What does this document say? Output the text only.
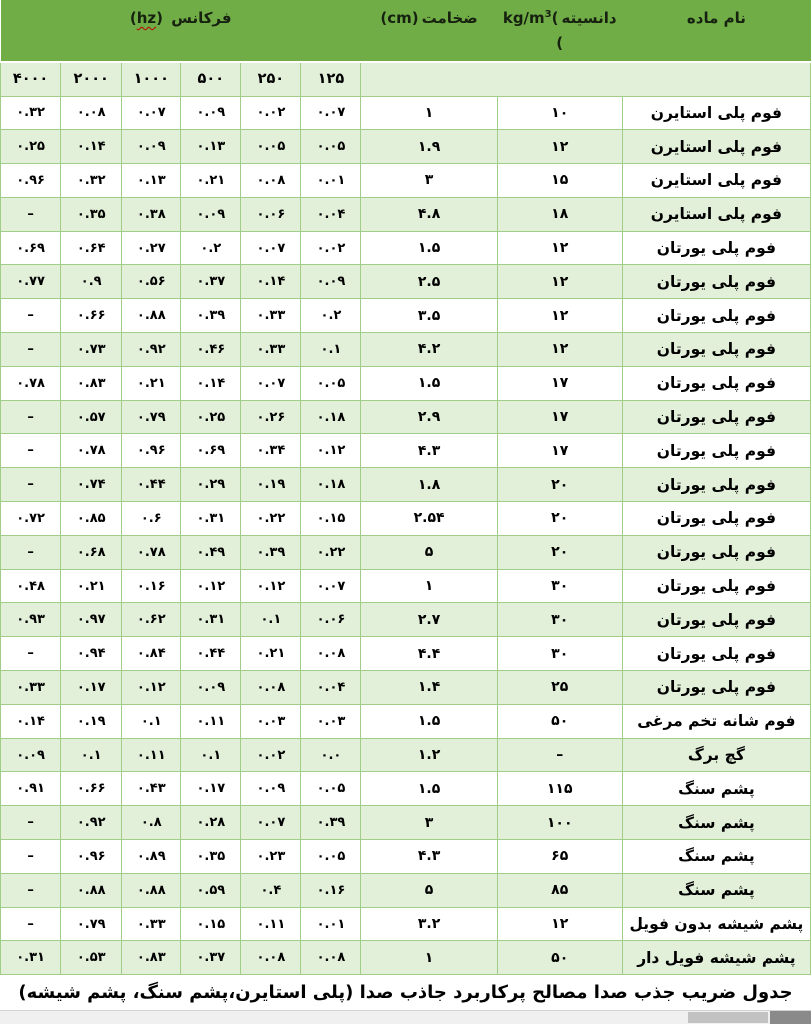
نام ماده	$kg/m^3$( دانسیته
(	(cm) ضخامت	(hz) فرکانس					

			۱۲۵	۲۵۰	۵۰۰	۱۰۰۰	۲۰۰۰	۴۰۰۰
فوم پلی استایرن	۱۰	۱	۰.۰۷	۰.۰۲	۰.۰۹	۰.۰۷	۰.۰۸	۰.۳۲
فوم پلی استایرن	۱۲	۱.۹	۰.۰۵	۰.۰۵	۰.۱۳	۰.۰۹	۰.۱۴	۰.۲۵
فوم پلی استایرن	۱۵	۳	۰.۰۱	۰.۰۸	۰.۲۱	۰.۱۳	۰.۳۲	۰.۹۶
فوم پلی استایرن	۱۸	۴.۸	۰.۰۴	۰.۰۶	۰.۰۹	۰.۳۸	۰.۳۵	–
فوم پلی یورتان	۱۲	۱.۵	۰.۰۲	۰.۰۷	۰.۲	۰.۲۷	۰.۶۴	۰.۶۹
فوم پلی یورتان	۱۲	۲.۵	۰.۰۹	۰.۱۴	۰.۳۷	۰.۵۶	۰.۹	۰.۷۷
فوم پلی یورتان	۱۲	۳.۵	۰.۲	۰.۳۳	۰.۳۹	۰.۸۸	۰.۶۶	–
فوم پلی یورتان	۱۲	۴.۲	۰.۱	۰.۳۳	۰.۴۶	۰.۹۲	۰.۷۳	–
فوم پلی یورتان	۱۷	۱.۵	۰.۰۵	۰.۰۷	۰.۱۴	۰.۲۱	۰.۸۳	۰.۷۸
فوم پلی یورتان	۱۷	۲.۹	۰.۱۸	۰.۲۶	۰.۲۵	۰.۷۹	۰.۵۷	–
فوم پلی یورتان	۱۷	۴.۳	۰.۱۲	۰.۳۴	۰.۶۹	۰.۹۶	۰.۷۸	–
فوم پلی یورتان	۲۰	۱.۸	۰.۱۸	۰.۱۹	۰.۲۹	۰.۴۴	۰.۷۴	–
فوم پلی یورتان	۲۰	۲.۵۴	۰.۱۵	۰.۲۲	۰.۳۱	۰.۶	۰.۸۵	۰.۷۲
فوم پلی یورتان	۲۰	۵	۰.۲۲	۰.۳۹	۰.۴۹	۰.۷۸	۰.۶۸	–
فوم پلی یورتان	۳۰	۱	۰.۰۷	۰.۱۲	۰.۱۲	۰.۱۶	۰.۲۱	۰.۴۸
فوم پلی یورتان	۳۰	۲.۷	۰.۰۶	۰.۱	۰.۳۱	۰.۶۲	۰.۹۷	۰.۹۳
فوم پلی یورتان	۳۰	۴.۴	۰.۰۸	۰.۲۱	۰.۴۴	۰.۸۴	۰.۹۴	–
فوم پلی یورتان	۲۵	۱.۴	۰.۰۴	۰.۰۸	۰.۰۹	۰.۱۲	۰.۱۷	۰.۳۳
فوم شانه تخم مرغی	۵۰	۱.۵	۰.۰۳	۰.۰۳	۰.۱۱	۰.۱	۰.۱۹	۰.۱۴
گچ برگ	–	۱.۲	۰.۰	۰.۰۲	۰.۱	۰.۱۱	۰.۱	۰.۰۹
پشم سنگ	۱۱۵	۱.۵	۰.۰۵	۰.۰۹	۰.۱۷	۰.۴۳	۰.۶۶	۰.۹۱
پشم سنگ	۱۰۰	۳	۰.۳۹	۰.۰۷	۰.۲۸	۰.۸	۰.۹۲	–
پشم سنگ	۶۵	۴.۳	۰.۰۵	۰.۲۳	۰.۳۵	۰.۸۹	۰.۹۶	–
پشم سنگ	۸۵	۵	۰.۱۶	۰.۴	۰.۵۹	۰.۸۸	۰.۸۸	–
پشم شیشه بدون فویل	۱۲	۳.۲	۰.۰۱	۰.۱۱	۰.۱۵	۰.۳۳	۰.۷۹	–
پشم شیشه فویل دار	۵۰	۱	۰.۰۸	۰.۰۸	۰.۳۷	۰.۸۳	۰.۵۳	۰.۳۱
جدول ضریب جذب صدا مصالح پرکاربرد جاذب صدا (پلی استایرن،پشم سنگ، پشم شیشه)
